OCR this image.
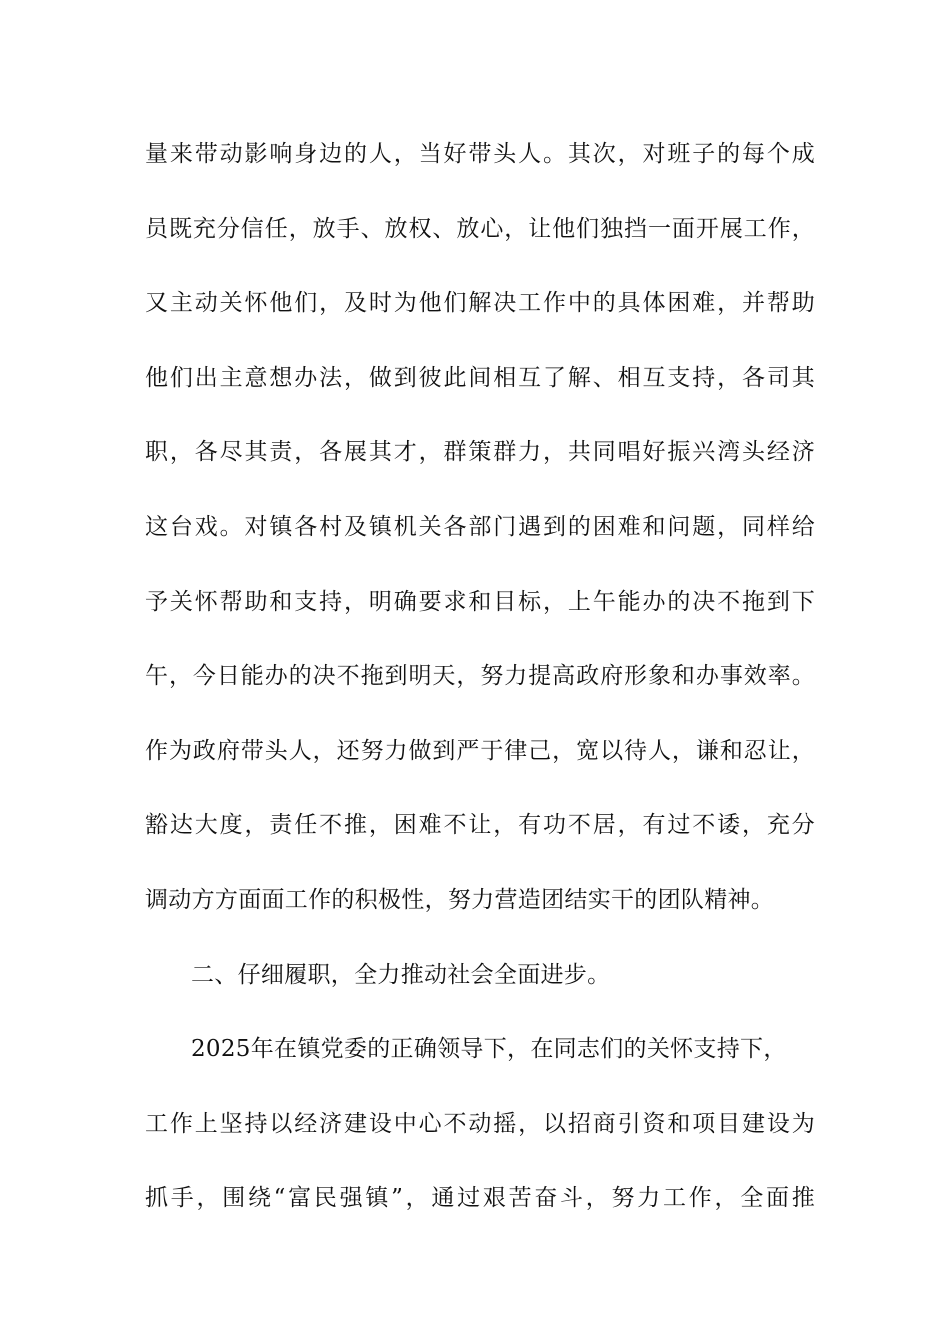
量来带动影响身边的人，当好带头人。其次，对班子的每个成
员既充分信任，放手、放权、放心，让他们独挡一面开展工作，
又主动关怀他们，及时为他们解决工作中的具体困难，并帮助
他们出主意想办法，做到彼此间相互了解、相互支持，各司其
职，各尽其责，各展其才，群策群力，共同唱好振兴湾头经济
这台戏。对镇各村及镇机关各部门遇到的困难和问题，同样给
予关怀帮助和支持，明确要求和目标，上午能办的决不拖到下
午，今日能办的决不拖到明天，努力提高政府形象和办事效率。
作为政府带头人，还努力做到严于律己，宽以待人，谦和忍让，
豁达大度，责任不推，困难不让，有功不居，有过不诿，充分
调动方方面面工作的积极性，努力营造团结实干的团队精神。
二、仔细履职，全力推动社会全面进步。
2025年在镇党委的正确领导下，在同志们的关怀支持下，
工作上坚持以经济建设中心不动摇，以招商引资和项目建设为
抓手，围绕“富民强镇”，通过艰苦奋斗，努力工作，全面推
